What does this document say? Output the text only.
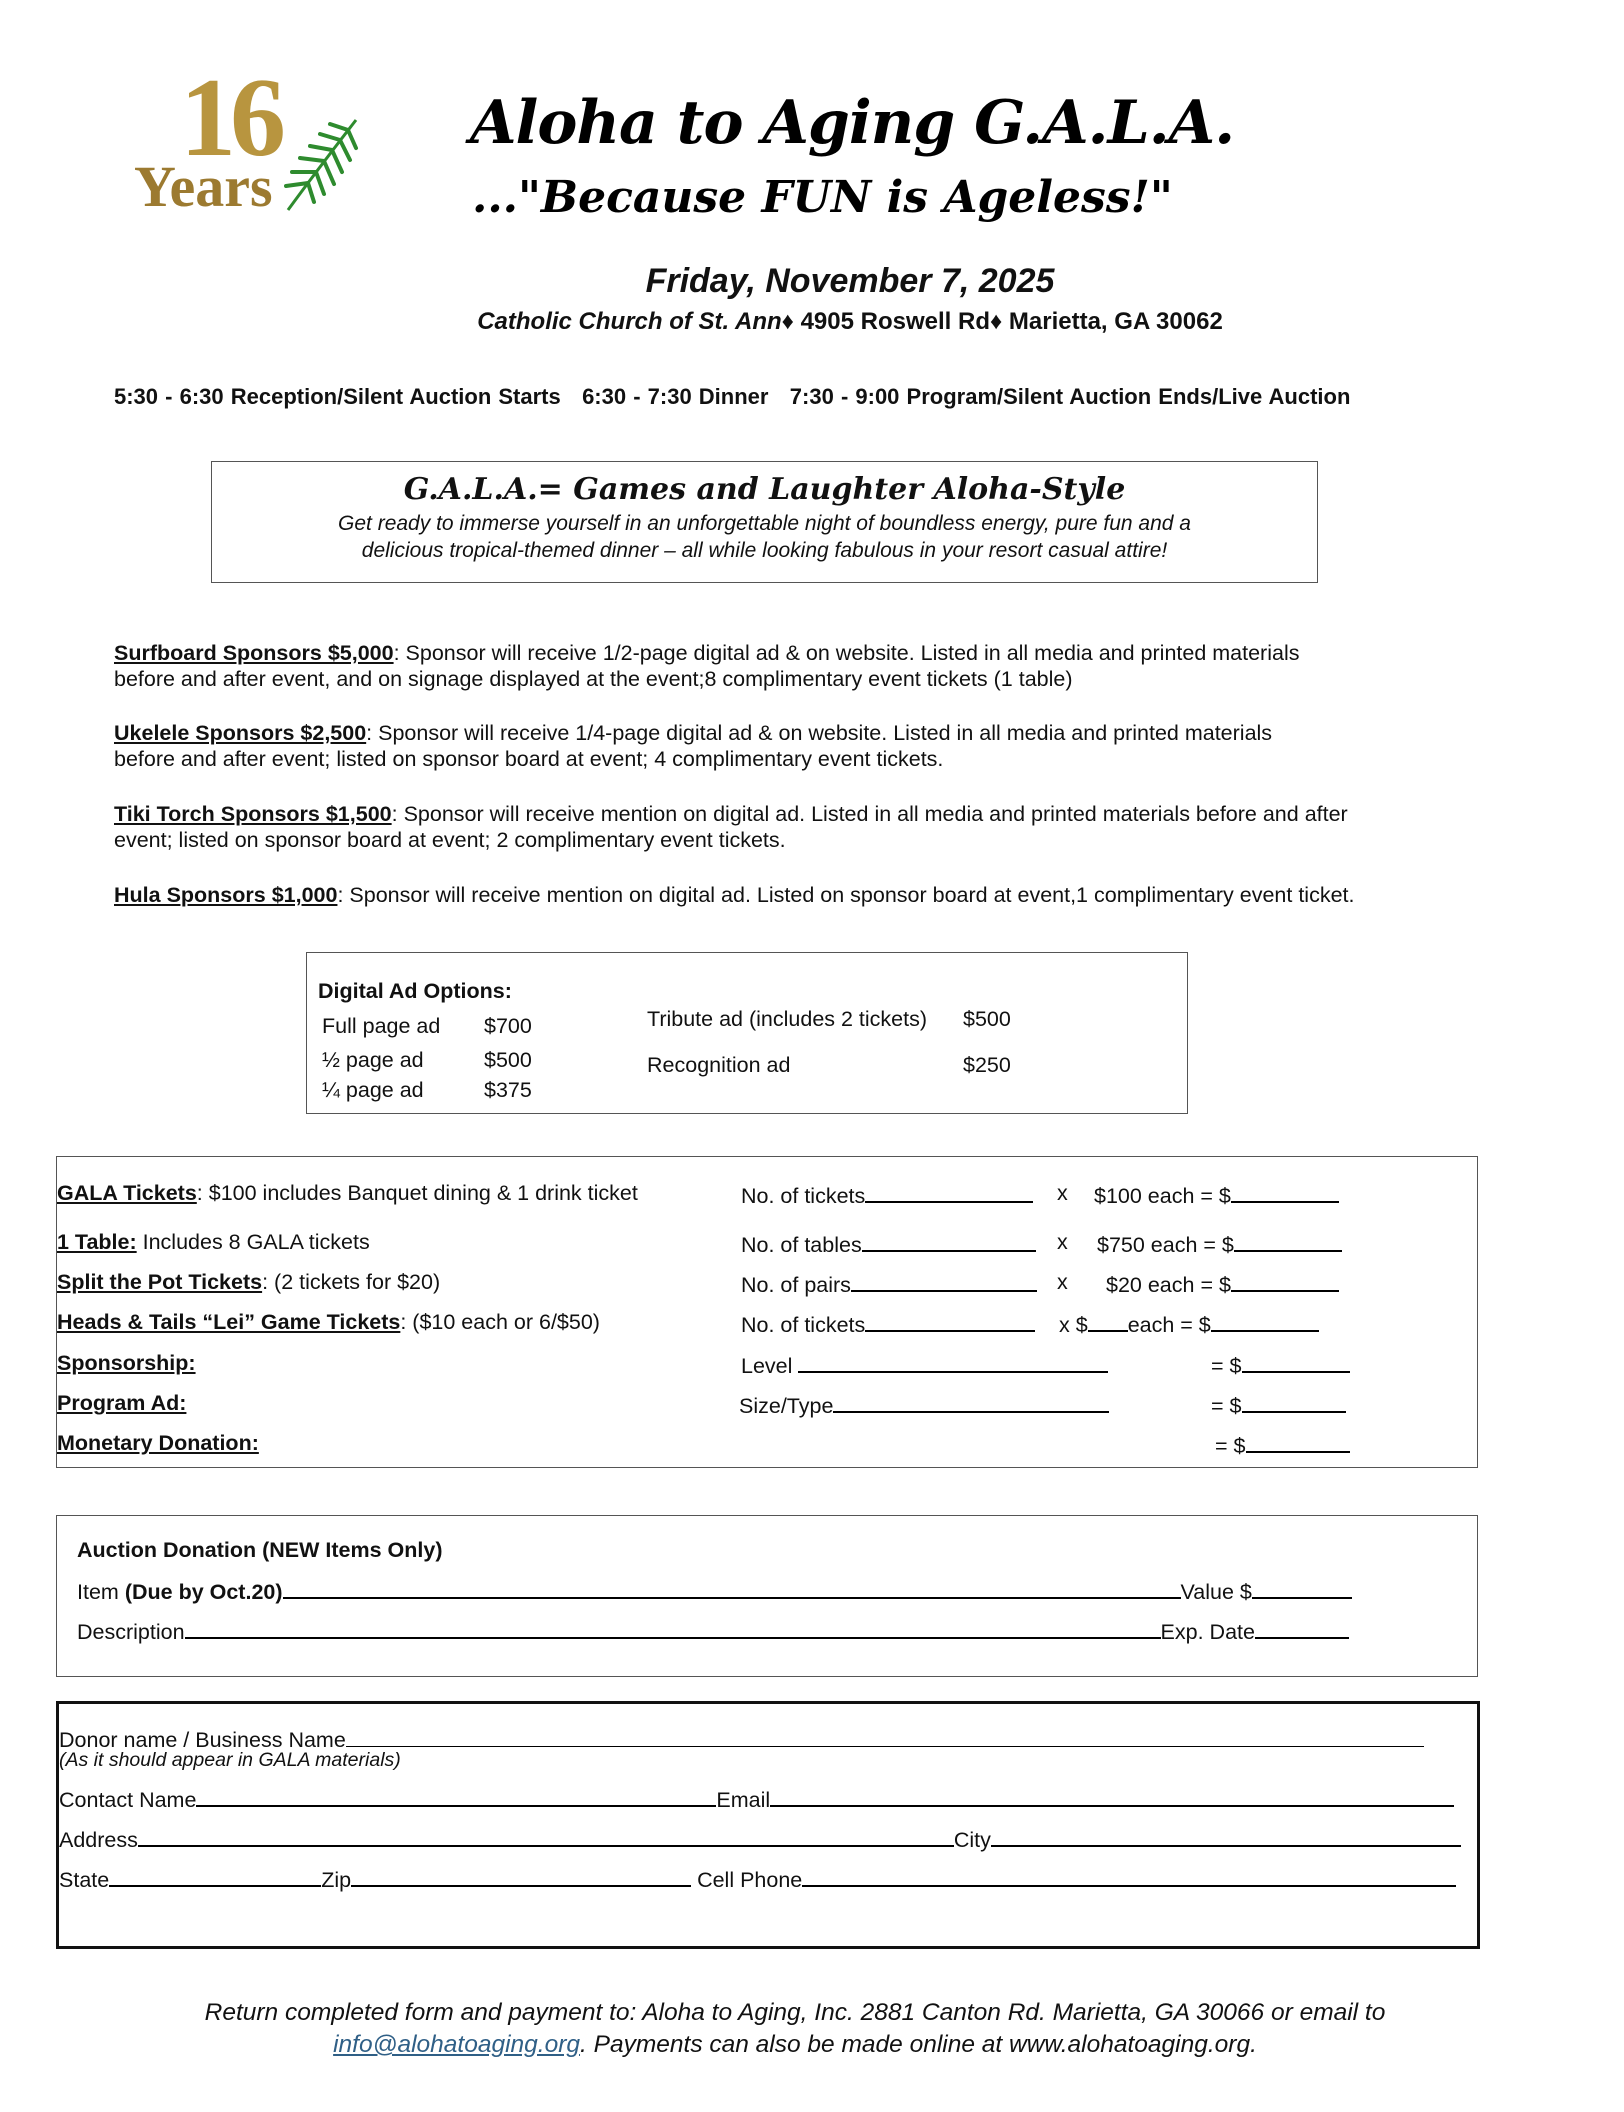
16
Years
Aloha to Aging G.A.L.A.
..."Because FUN is Ageless!"
Friday, November 7, 2025
Catholic Church of St. Ann♦ 4905 Roswell Rd♦ Marietta, GA 30062
5:30 - 6:30 Reception/Silent Auction Starts   6:30 - 7:30 Dinner   7:30 - 9:00 Program/Silent Auction Ends/Live Auction
G.A.L.A.= Games and Laughter Aloha-Style
Get ready to immerse yourself in an unforgettable night of boundless energy, pure fun and a
delicious tropical-themed dinner – all while looking fabulous in your resort casual attire!
Surfboard Sponsors $5,000: Sponsor will receive 1/2-page digital ad & on website. Listed in all media and printed materials
before and after event, and on signage displayed at the event;8 complimentary event tickets (1 table)
Ukelele Sponsors $2,500: Sponsor will receive 1/4-page digital ad & on website. Listed in all media and printed materials
before and after event; listed on sponsor board at event; 4 complimentary event tickets.
Tiki Torch Sponsors $1,500: Sponsor will receive mention on digital ad. Listed in all media and printed materials before and after
event; listed on sponsor board at event; 2 complimentary event tickets.
Hula Sponsors $1,000: Sponsor will receive mention on digital ad. Listed on sponsor board at event,1 complimentary event ticket.
Digital Ad Options:
Full page ad $700
½ page ad	$500
¼ page ad	$375
Tribute ad (includes 2 tickets) $500
Recognition ad	$250
GALA Tickets: $100 includes Banquet dining & 1 drink ticket	No. of tickets	x $100 each = $
1 Table: Includes 8 GALA tickets	No. of tables	x $750 each = $
Split the Pot Tickets: (2 tickets for $20)	No. of pairs	x $20 each = $
Heads & Tails “Lei” Game Tickets: ($10 each or 6/$50)	No. of tickets	x $ each = $
Sponsorship:	Level	= $
Program Ad:	Size/Type	= $
Monetary Donation:	= $
Auction Donation (NEW Items Only)
Item (Due by Oct.20)	Value $
Description	Exp. Date
Donor name / Business Name
(As it should appear in GALA materials)
Contact Name	Email
Address	City
State	Zip	Cell Phone
Return completed form and payment to: Aloha to Aging, Inc. 2881 Canton Rd. Marietta, GA 30066 or email to
info@alohatoaging.org. Payments can also be made online at www.alohatoaging.org.
